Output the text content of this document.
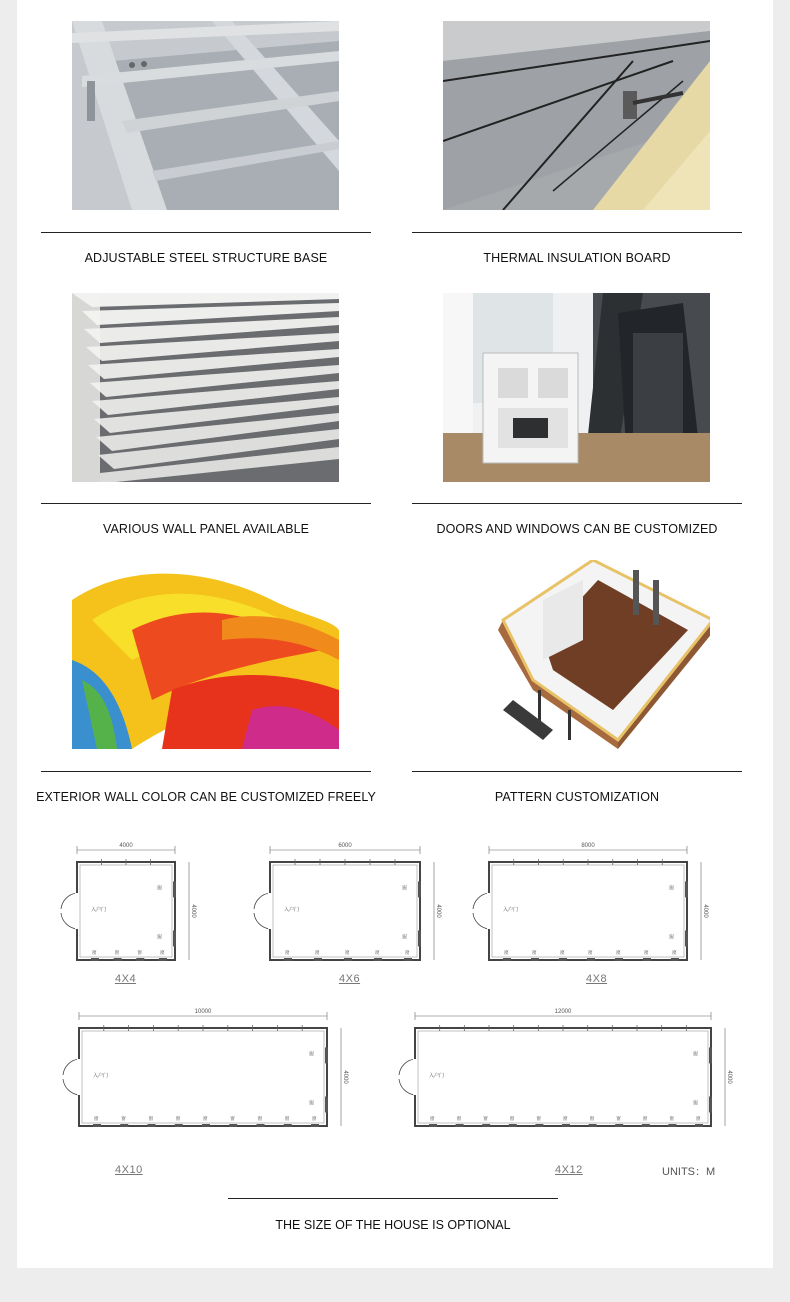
ADJUSTABLE STEEL STRUCTURE BASE	THERMAL INSULATION BOARD
VARIOUS WALL PANEL AVAILABLE	DOORS AND WINDOWS CAN BE CUSTOMIZED
EXTERIOR WALL COLOR CAN BE CUSTOMIZED FREELY	PATTERN CUSTOMIZATION
4000
4000
入户门
窗
窗
窗	窗	窗	窗
6000
4000
入户门
窗
窗
窗	窗	窗	窗	窗
8000
4000
入户门
窗
窗
窗	窗	窗	窗	窗	窗	窗
10000
4000
入户门
窗
窗
窗	窗	窗	窗	窗	窗	窗	窗	窗
12000
4000
入户门
窗
窗
窗	窗	窗	窗	窗	窗	窗	窗	窗	窗	窗
4X4	4X6	4X8
4X10	4X12	UNITS：M
THE SIZE OF THE HOUSE IS OPTIONAL
